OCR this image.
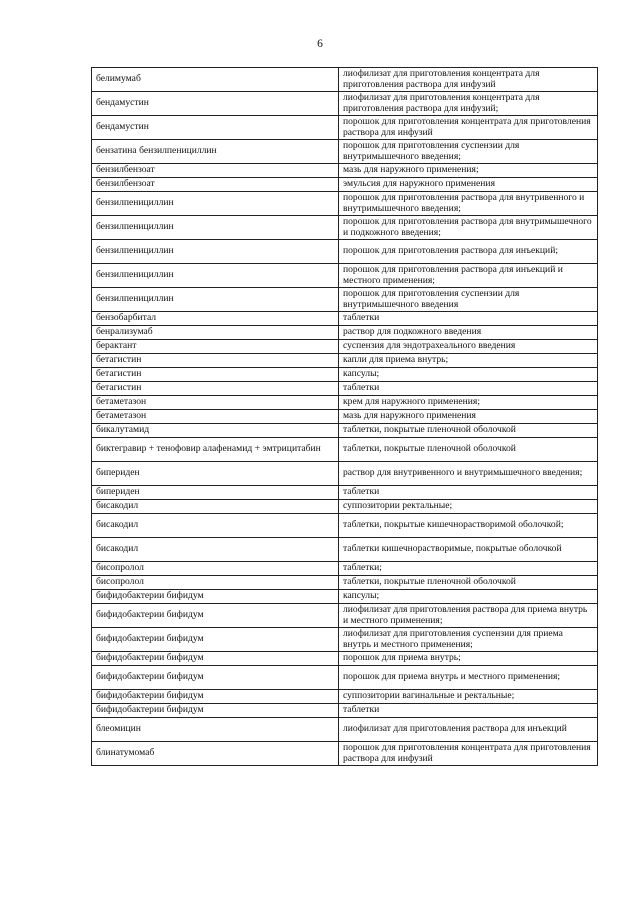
6
белимумаб	лиофилизат для приготовления концентрата для приготовления раствора для инфузий
бендамустин	лиофилизат для приготовления концентрата для приготовления раствора для инфузий;
бендамустин	порошок для приготовления концентрата для приготовления раствора для инфузий
бензатина бензилпенициллин	порошок для приготовления суспензии для внутримышечного введения;
бензилбензоат	мазь для наружного применения;
бензилбензоат	эмульсия для наружного применения
бензилпенициллин	порошок для приготовления раствора для внутривенного и внутримышечного введения;
бензилпенициллин	порошок для приготовления раствора для внутримышечного и подкожного введения;
бензилпенициллин	порошок для приготовления раствора для инъекций;
бензилпенициллин	порошок для приготовления раствора для инъекций и местного применения;
бензилпенициллин	порошок для приготовления суспензии для внутримышечного введения
бензобарбитал	таблетки
бенрализумаб	раствор для подкожного введения
берактант	суспензия для эндотрахеального введения
бетагистин	капли для приема внутрь;
бетагистин	капсулы;
бетагистин	таблетки
бетаметазон	крем для наружного применения;
бетаметазон	мазь для наружного применения
бикалутамид	таблетки, покрытые пленочной оболочкой
биктегравир + тенофовир алафенамид + эмтрицитабин	таблетки, покрытые пленочной оболочкой
бипериден	раствор для внутривенного и внутримышечного введения;
бипериден	таблетки
бисакодил	суппозитории ректальные;
бисакодил	таблетки, покрытые кишечнорастворимой оболочкой;
бисакодил	таблетки кишечнорастворимые, покрытые оболочкой
бисопролол	таблетки;
бисопролол	таблетки, покрытые пленочной оболочкой
бифидобактерии бифидум	капсулы;
бифидобактерии бифидум	лиофилизат для приготовления раствора для приема внутрь и местного применения;
бифидобактерии бифидум	лиофилизат для приготовления суспензии для приема внутрь и местного применения;
бифидобактерии бифидум	порошок для приема внутрь;
бифидобактерии бифидум	порошок для приема внутрь и местного применения;
бифидобактерии бифидум	суппозитории вагинальные и ректальные;
бифидобактерии бифидум	таблетки
блеомицин	лиофилизат для приготовления раствора для инъекций
блинатумомаб	порошок для приготовления концентрата для приготовления раствора для инфузий
